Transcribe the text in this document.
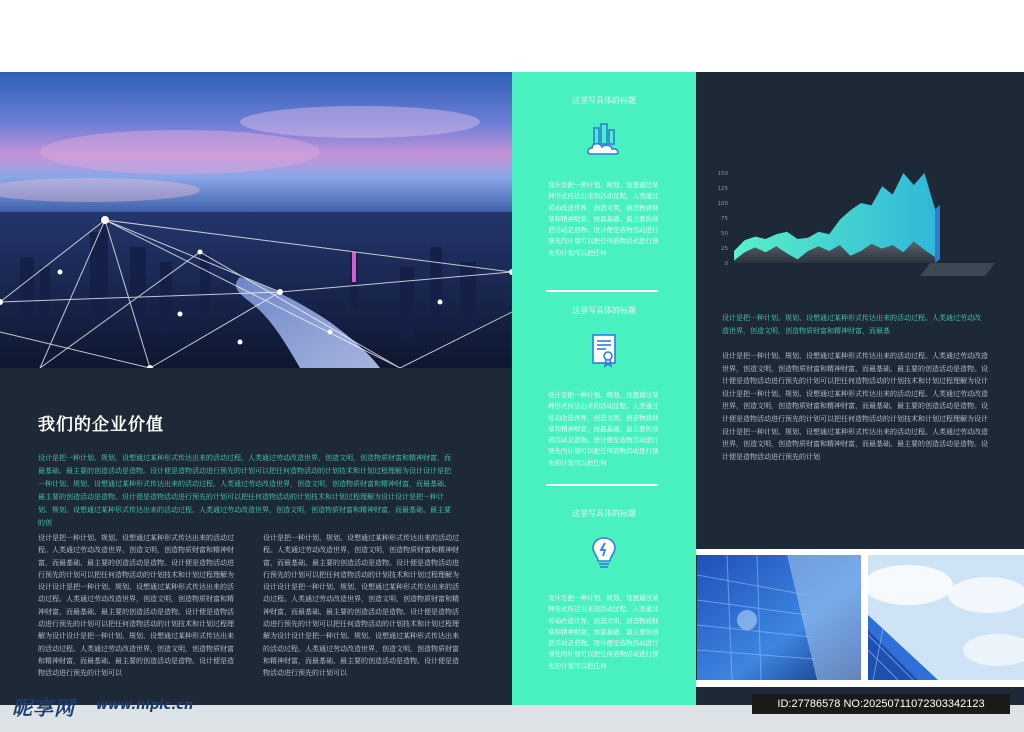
我们的企业价值
设计是把一种计划、规划、设想通过某种形式传达出来的活动过程。人类通过劳动改造世界，创造文明，创造物质财富和精神财富，而最基础、最主要的创造活动是造物。设计便是造物活动进行预先的计划可以把任何造物活动的计划技术和计划过程理解为设计设计是把一种计划、规划、设想通过某种形式传达出来的活动过程。人类通过劳动改造世界，创造文明，创造物质财富和精神财富，而最基础、最主要的创造活动是造物。设计便是造物活动进行预先的计划可以把任何造物活动的计划技术和计划过程理解为设计设计是把一种计划、规划、设想通过某种形式传达出来的活动过程。人类通过劳动改造世界，创造文明，创造物质财富和精神财富，而最基础、最主要的创
设计是把一种计划、规划、设想通过某种形式传达出来的活动过程。人类通过劳动改造世界，创造文明，创造物质财富和精神财富，而最基础、最主要的创造活动是造物。设计便是造物活动进行预先的计划可以把任何造物活动的计划技术和计划过程理解为设计设计是把一种计划、规划、设想通过某种形式传达出来的活动过程。人类通过劳动改造世界，创造文明，创造物质财富和精神财富，而最基础、最主要的创造活动是造物。设计便是造物活动进行预先的计划可以把任何造物活动的计划技术和计划过程理解为设计设计是把一种计划、规划、设想通过某种形式传达出来的活动过程。人类通过劳动改造世界，创造文明，创造物质财富和精神财富，而最基础、最主要的创造活动是造物。设计便是造物活动进行预先的计划可以
设计是把一种计划、规划、设想通过某种形式传达出来的活动过程。人类通过劳动改造世界，创造文明，创造物质财富和精神财富，而最基础、最主要的创造活动是造物。设计便是造物活动进行预先的计划可以把任何造物活动的计划技术和计划过程理解为设计设计是把一种计划、规划、设想通过某种形式传达出来的活动过程。人类通过劳动改造世界，创造文明，创造物质财富和精神财富，而最基础、最主要的创造活动是造物。设计便是造物活动进行预先的计划可以把任何造物活动的计划技术和计划过程理解为设计设计是把一种计划、规划、设想通过某种形式传达出来的活动过程。人类通过劳动改造世界，创造文明，创造物质财富和精神财富，而最基础、最主要的创造活动是造物。设计便是造物活动进行预先的计划可以
这里写具体的标题
设计是把一种计划、规划、设想通过某种形式传达出来的活动过程。人类通过劳动改造世界，创造文明，创造物质财富和精神财富，而最基础、最主要的创造活动是造物。设计便是造物活动进行预先的计划可以把任何造物活动进行预先的计划可以把任何
这里写具体的标题
设计是把一种计划、规划、设想通过某种形式传达出来的活动过程。人类通过劳动改造世界，创造文明，创造物质财富和精神财富，而最基础、最主要的创造活动是造物。设计便是造物活动进行预先的计划可以把任何造物活动进行预先的计划可以把任何
这里写具体的标题
设计是把一种计划、规划、设想通过某种形式传达出来的活动过程。人类通过劳动改造世界，创造文明，创造物质财富和精神财富，而最基础、最主要的创造活动是造物。设计便是造物活动进行预先的计划可以把任何造物活动进行预先的计划可以把任何
0
25
50
75
100
125
150
设计是把一种计划、规划、设想通过某种形式传达出来的活动过程。人类通过劳动改造世界，创造文明，创造物质财富和精神财富，而最基
设计是把一种计划、规划、设想通过某种形式传达出来的活动过程。人类通过劳动改造世界，创造文明，创造物质财富和精神财富，而最基础、最主要的创造活动是造物。设计便是造物活动进行预先的计划可以把任何造物活动的计划技术和计划过程理解为设计设计是把一种计划、规划、设想通过某种形式传达出来的活动过程。人类通过劳动改造世界，创造文明，创造物质财富和精神财富，而最基础、最主要的创造活动是造物。设计便是造物活动进行预先的计划可以把任何造物活动的计划技术和计划过程理解为设计设计是把一种计划、规划、设想通过某种形式传达出来的活动过程。人类通过劳动改造世界，创造文明，创造物质财富和精神财富，而最基础、最主要的创造活动是造物。设计便是造物活动进行预先的计划
昵享网 www.nipic.cn	ID:27786578 NO:20250711072303342123
